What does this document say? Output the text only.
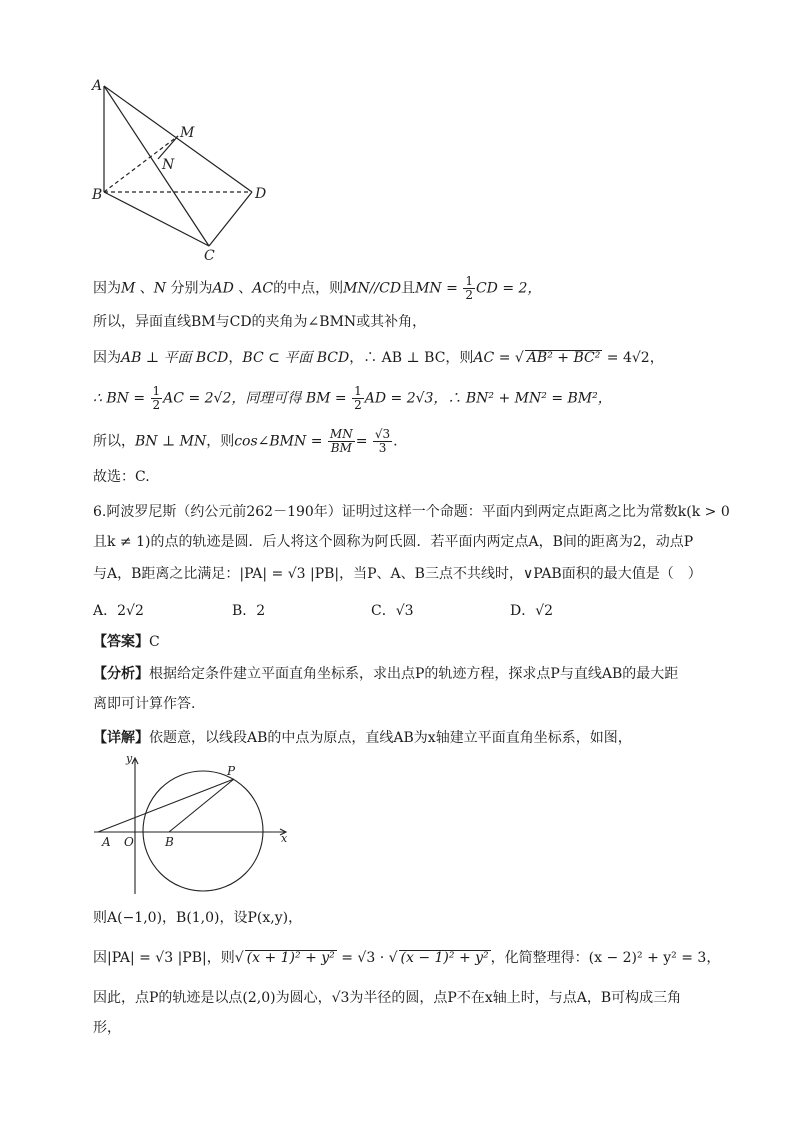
A
M
N
B	D
C
因为M 、N 分别为AD 、AC的中点，则MN//CD且MN = $\frac{1}{2}$ CD = 2，
所以，异面直线BM与CD的夹角为∠BMN或其补角，
因为AB ⊥ 平面 BCD，BC ⊂ 平面 BCD，∴ AB ⊥ BC，则AC = √ AB² + BC² = 4√2，
∴ BN = $\frac{1}{2}$ AC = 2√2，同理可得 BM = $\frac{1}{2}$ AD = 2√3，∴ BN² + MN² = BM²，
所以，BN ⊥ MN，则cos∠BMN = $\frac{MN}{BM} = \frac{√3}{3}$ .
故选：C.
6.阿波罗尼斯（约公元前262－190年）证明过这样一个命题：平面内到两定点距离之比为常数k(k > 0
且k ≠ 1)的点的轨迹是圆．后人将这个圆称为阿氏圆．若平面内两定点A，B间的距离为2，动点P
与A，B距离之比满足：|PA| = √3 |PB|，当P、A、B三点不共线时，∨PAB面积的最大值是（　）
A．2√2	B．2	C．√3	D．√2
【答案】C
【分析】根据给定条件建立平面直角坐标系，求出点P的轨迹方程，探求点P与直线AB的最大距
离即可计算作答.
【详解】依题意，以线段AB的中点为原点，直线AB为x轴建立平面直角坐标系，如图，
y
P
A O	B	x
则A(−1,0)，B(1,0)，设P(x,y)，
因|PA| = √3 |PB|，则√ (x + 1)² + y² = √3 · √ (x − 1)² + y² ，化简整理得：(x − 2)² + y² = 3，
因此，点P的轨迹是以点(2,0)为圆心，√3为半径的圆，点P不在x轴上时，与点A，B可构成三角
形，
